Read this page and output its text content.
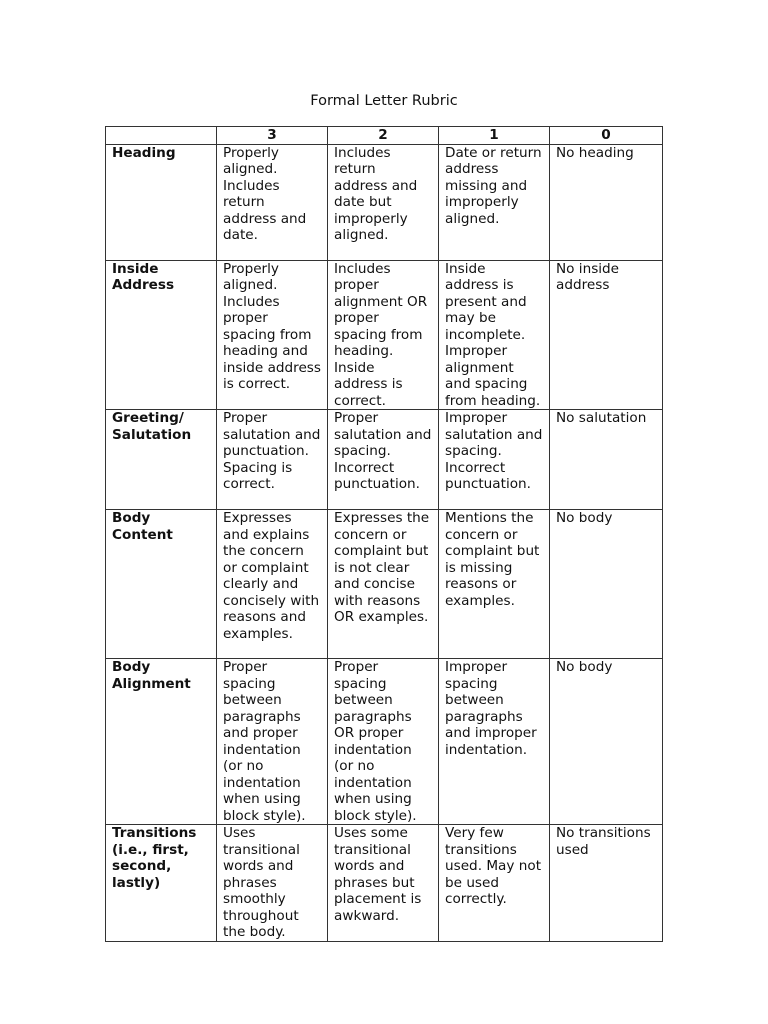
Formal Letter Rubric
	3	2	1	0
Heading	Properly aligned. Includes return address and date.	Includes return address and date but improperly aligned.	Date or return address missing and improperly aligned.	No heading
Inside Address	Properly aligned. Includes proper spacing from heading and inside address is correct.	Includes proper alignment OR proper spacing from heading. Inside address is correct.	Inside address is present and may be incomplete. Improper alignment and spacing from heading.	No inside address
Greeting/ Salutation	Proper salutation and punctuation. Spacing is correct.	Proper salutation and spacing. Incorrect punctuation.	Improper salutation and spacing. Incorrect punctuation.	No salutation
Body Content	Expresses and explains the concern or complaint clearly and concisely with reasons and examples.	Expresses the concern or complaint but is not clear and concise with reasons OR examples.	Mentions the concern or complaint but is missing reasons or examples.	No body
Body Alignment	Proper spacing between paragraphs and proper indentation (or no indentation when using block style).	Proper spacing between paragraphs OR proper indentation (or no indentation when using block style).	Improper spacing between paragraphs and improper indentation.	No body
Transitions (i.e., first, second, lastly)	Uses transitional words and phrases smoothly throughout the body.	Uses some transitional words and phrases but placement is awkward.	Very few transitions used. May not be used correctly.	No transitions used
